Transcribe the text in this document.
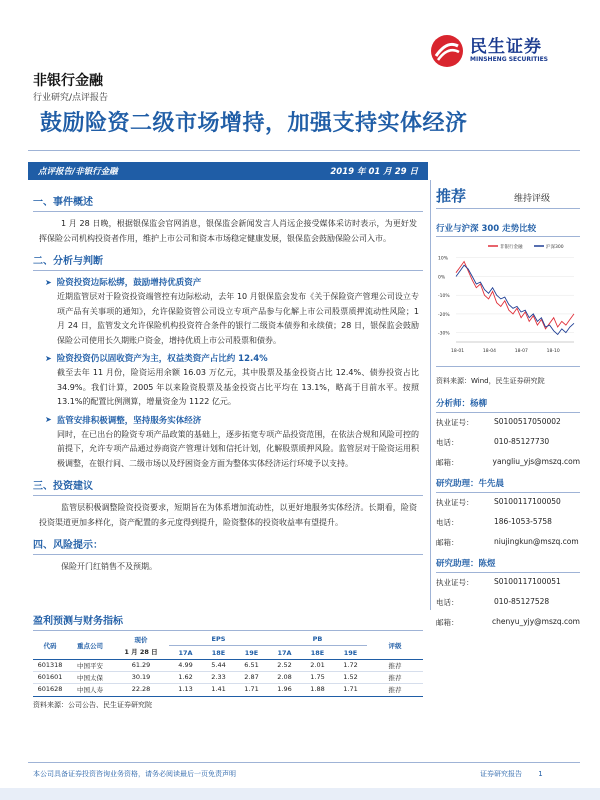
民生证券
MINSHENG SECURITIES
非银行金融
行业研究/点评报告
鼓励险资二级市场增持，加强支持实体经济
点评报告/非银行金融	2019 年 01 月 29 日
一、事件概述
1 月 28 日晚，根据银保监会官网消息，银保监会新闻发言人肖远企接受媒体采访时表示，为更好发挥保险公司机构投资者作用，维护上市公司和资本市场稳定健康发展，银保监会鼓励保险公司入市。
二、分析与判断
➤ 险资投资边际松绑，鼓励增持优质资产
近期监管层对于险资投资端管控有边际松动，去年 10 月银保监会发布《关于保险资产管理公司设立专项产品有关事项的通知》，允许保险资管公司设立专项产品参与化解上市公司股票质押流动性风险；1 月 24 日，监管发文允许保险机构投资符合条件的银行二级资本债券和永续债；28 日，银保监会鼓励保险公司使用长久期账户资金，增持优质上市公司股票和债券。
➤ 险资投资仍以固收资产为主，权益类资产占比约 12.4%
截至去年 11 月份，险资运用余额 16.03 万亿元，其中股票及基金投资占比 12.4%、债券投资占比 34.9%。我们计算，2005 年以来险资股票及基金投资占比平均在 13.1%，略高于目前水平。按照 13.1%的配置比例测算，增量资金为 1122 亿元。
➤ 监管安排积极调整，坚持服务实体经济
同时，在已出台的险资专项产品政策的基础上，逐步拓宽专项产品投资范围，在依法合规和风险可控的前提下，允许专项产品通过券商资产管理计划和信托计划，化解股票质押风险。监管层对于险资运用积极调整，在银行间、二级市场以及纾困资金方面为整体实体经济运行环境予以支持。
三、投资建议
监管层积极调整险资投资要求，短期旨在为体系增加流动性，以更好地服务实体经济。长期看，险资投资渠道更加多样化，资产配置的多元度得到提升，险资整体的投资收益率有望提升。
四、风险提示：
保险开门红销售不及预期。
盈利预测与财务指标
代码	重点公司	现价	EPS			PB			评级
		1 月 28 日							
			17A	18E	19E	17A	18E	19E	
601318	中国平安	61.29	4.99	5.44	6.51	2.52	2.01	1.72	推荐
601601	中国太保	30.19	1.62	2.33	2.87	2.08	1.75	1.52	推荐
601628	中国人寿	22.28	1.13	1.41	1.71	1.96	1.88	1.71	推荐
资料来源：公司公告、民生证券研究院
推荐	维持评级
行业与沪深 300 走势比较
非银行金融	沪深300
10%
0%
-10%
-20%
-30%
18-01	18-04	18-07	18-10
资料来源：Wind，民生证券研究院
分析师：杨柳
执业证号：	S0100517050002
电话：	010-85127730
邮箱：	yangliu_yjs@mszq.com
研究助理：牛先晨
执业证号：	S0100117100050
电话：	186-1053-5758
邮箱：	niujingkun@mszq.com
研究助理：陈煜
执业证号：	S0100117100051
电话：	010-85127528
邮箱：	chenyu_yjy@mszq.com
本公司具备证券投资咨询业务资格，请务必阅读最后一页免责声明	证券研究报告 1
